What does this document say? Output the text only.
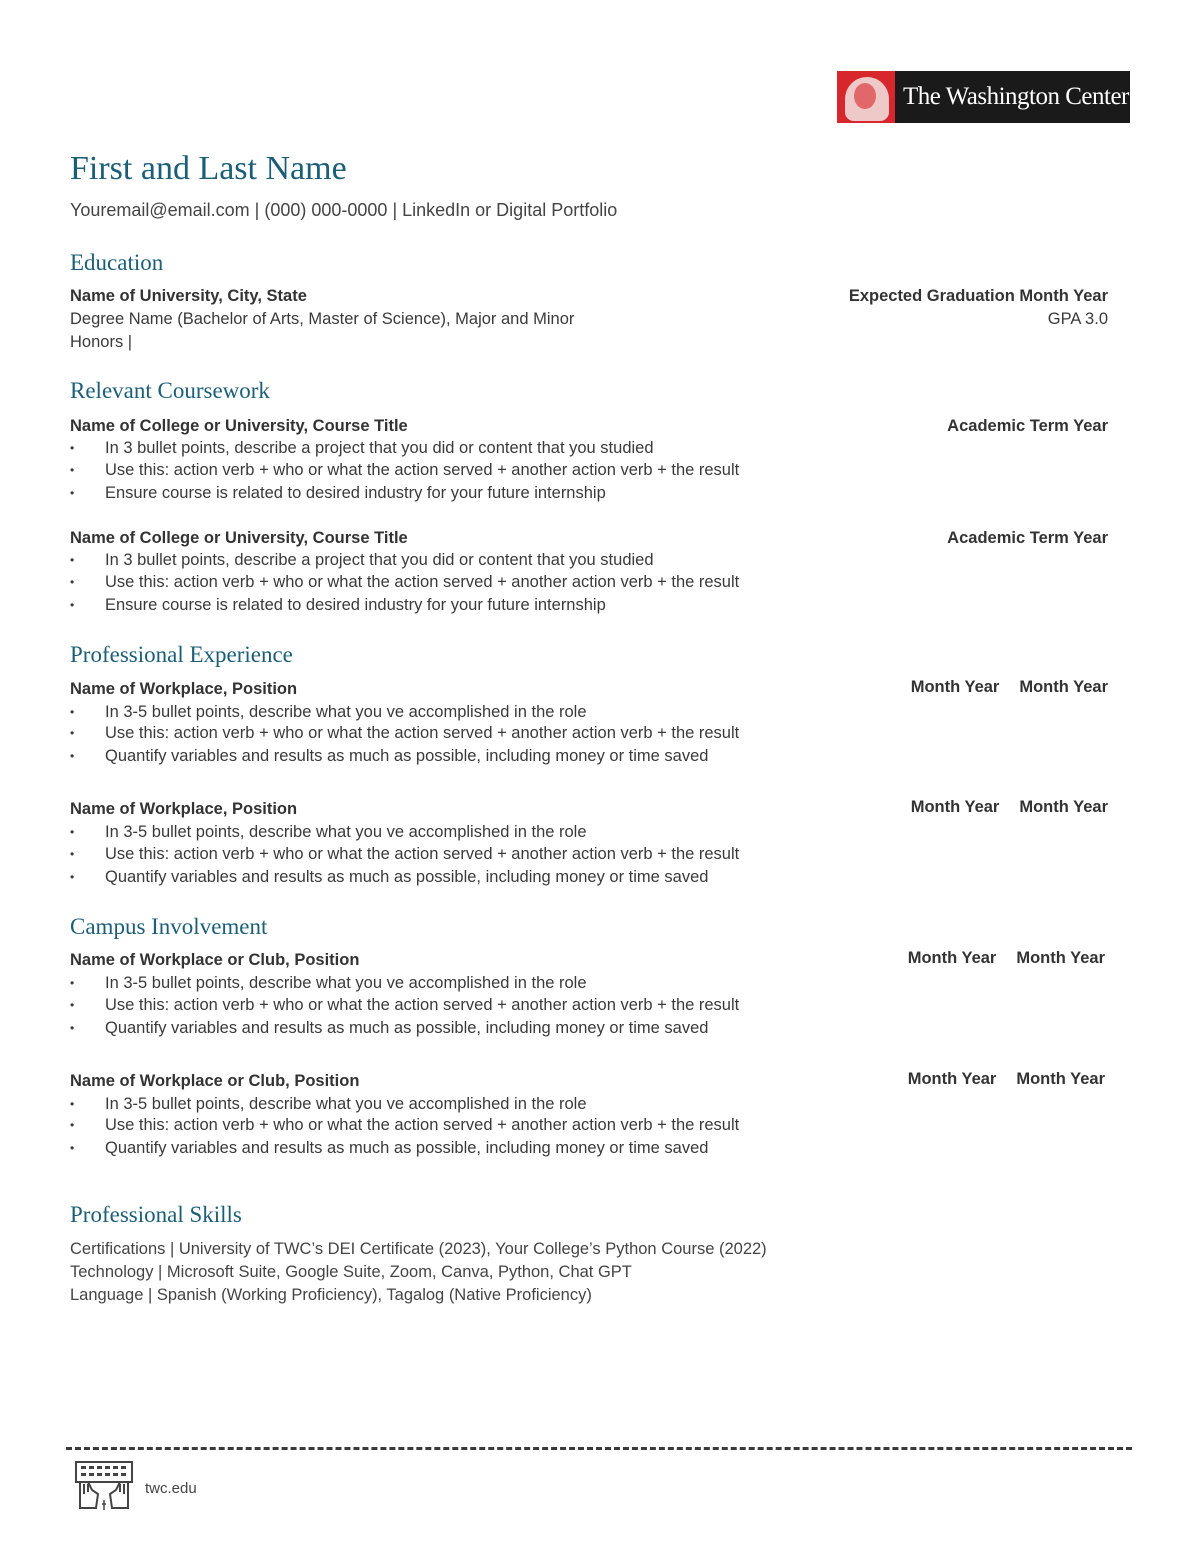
The Washington Center
First and Last Name
Youremail@email.com | (000) 000-0000 | LinkedIn or Digital Portfolio
Education
Name of University, City, State	Expected Graduation Month Year
Degree Name (Bachelor of Arts, Master of Science), Major and Minor	GPA 3.0
Honors |
Relevant Coursework
Name of College or University, Course Title	Academic Term Year
• In 3 bullet points, describe a project that you did or content that you studied
• Use this: action verb + who or what the action served + another action verb + the result
• Ensure course is related to desired industry for your future internship
Name of College or University, Course Title	Academic Term Year
• In 3 bullet points, describe a project that you did or content that you studied
• Use this: action verb + who or what the action served + another action verb + the result
• Ensure course is related to desired industry for your future internship
Professional Experience
Name of Workplace, Position	Month Year Month Year
• In 3-5 bullet points, describe what you ve accomplished in the role
• Use this: action verb + who or what the action served + another action verb + the result
• Quantify variables and results as much as possible, including money or time saved
Name of Workplace, Position	Month Year Month Year
• In 3-5 bullet points, describe what you ve accomplished in the role
• Use this: action verb + who or what the action served + another action verb + the result
• Quantify variables and results as much as possible, including money or time saved
Campus Involvement
Name of Workplace or Club, Position	Month Year Month Year
• In 3-5 bullet points, describe what you ve accomplished in the role
• Use this: action verb + who or what the action served + another action verb + the result
• Quantify variables and results as much as possible, including money or time saved
Name of Workplace or Club, Position	Month Year Month Year
• In 3-5 bullet points, describe what you ve accomplished in the role
• Use this: action verb + who or what the action served + another action verb + the result
• Quantify variables and results as much as possible, including money or time saved
Professional Skills
Certifications | University of TWC’s DEI Certificate (2023), Your College’s Python Course (2022)
Technology | Microsoft Suite, Google Suite, Zoom, Canva, Python, Chat GPT
Language | Spanish (Working Proficiency), Tagalog (Native Proficiency)
twc.edu
